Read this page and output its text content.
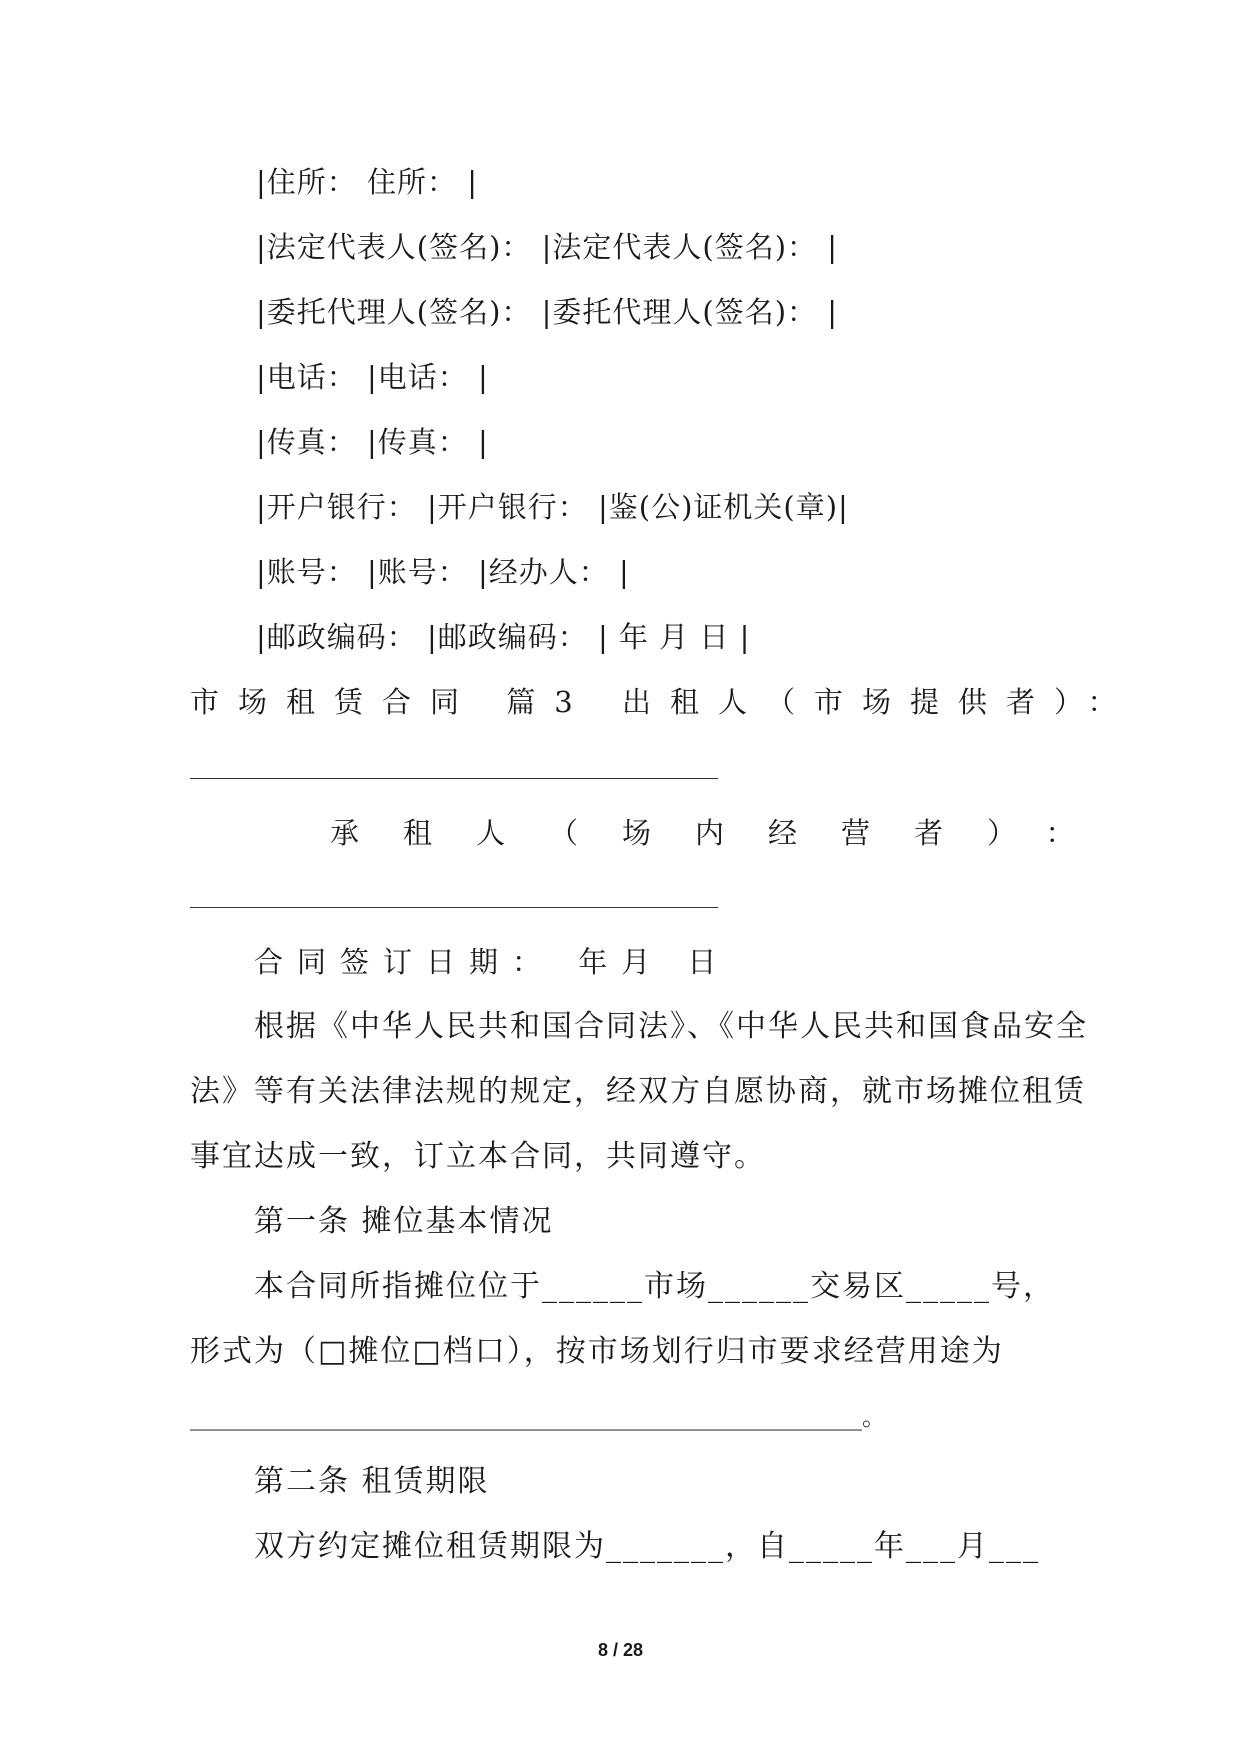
|住所： 住所： |
|法定代表人(签名)： |法定代表人(签名)： |
|委托代理人(签名)： |委托代理人(签名)： |
|电话： |电话： |
|传真： |传真： |
|开户银行： |开户银行： |鉴(公)证机关(章)|
|账号： |账号： |经办人： |
|邮政编码： |邮政编码： | 年 月 日 |
市场租赁合同 篇3 出租人（市场提供者）：
承租人（场内经营者）：
合同签订日期： 年月 日
根据《中华人民共和国合同法》、《中华人民共和国食品安全
法》等有关法律法规的规定，经双方自愿协商，就市场摊位租赁
事宜达成一致，订立本合同，共同遵守。
第一条 摊位基本情况
本合同所指摊位位于______市场______交易区_____号，
形式为（□摊位□档口），按市场划行归市要求经营用途为
________________________________________________________。
第二条 租赁期限
双方约定摊位租赁期限为_______，自_____年___月___
8 / 28
